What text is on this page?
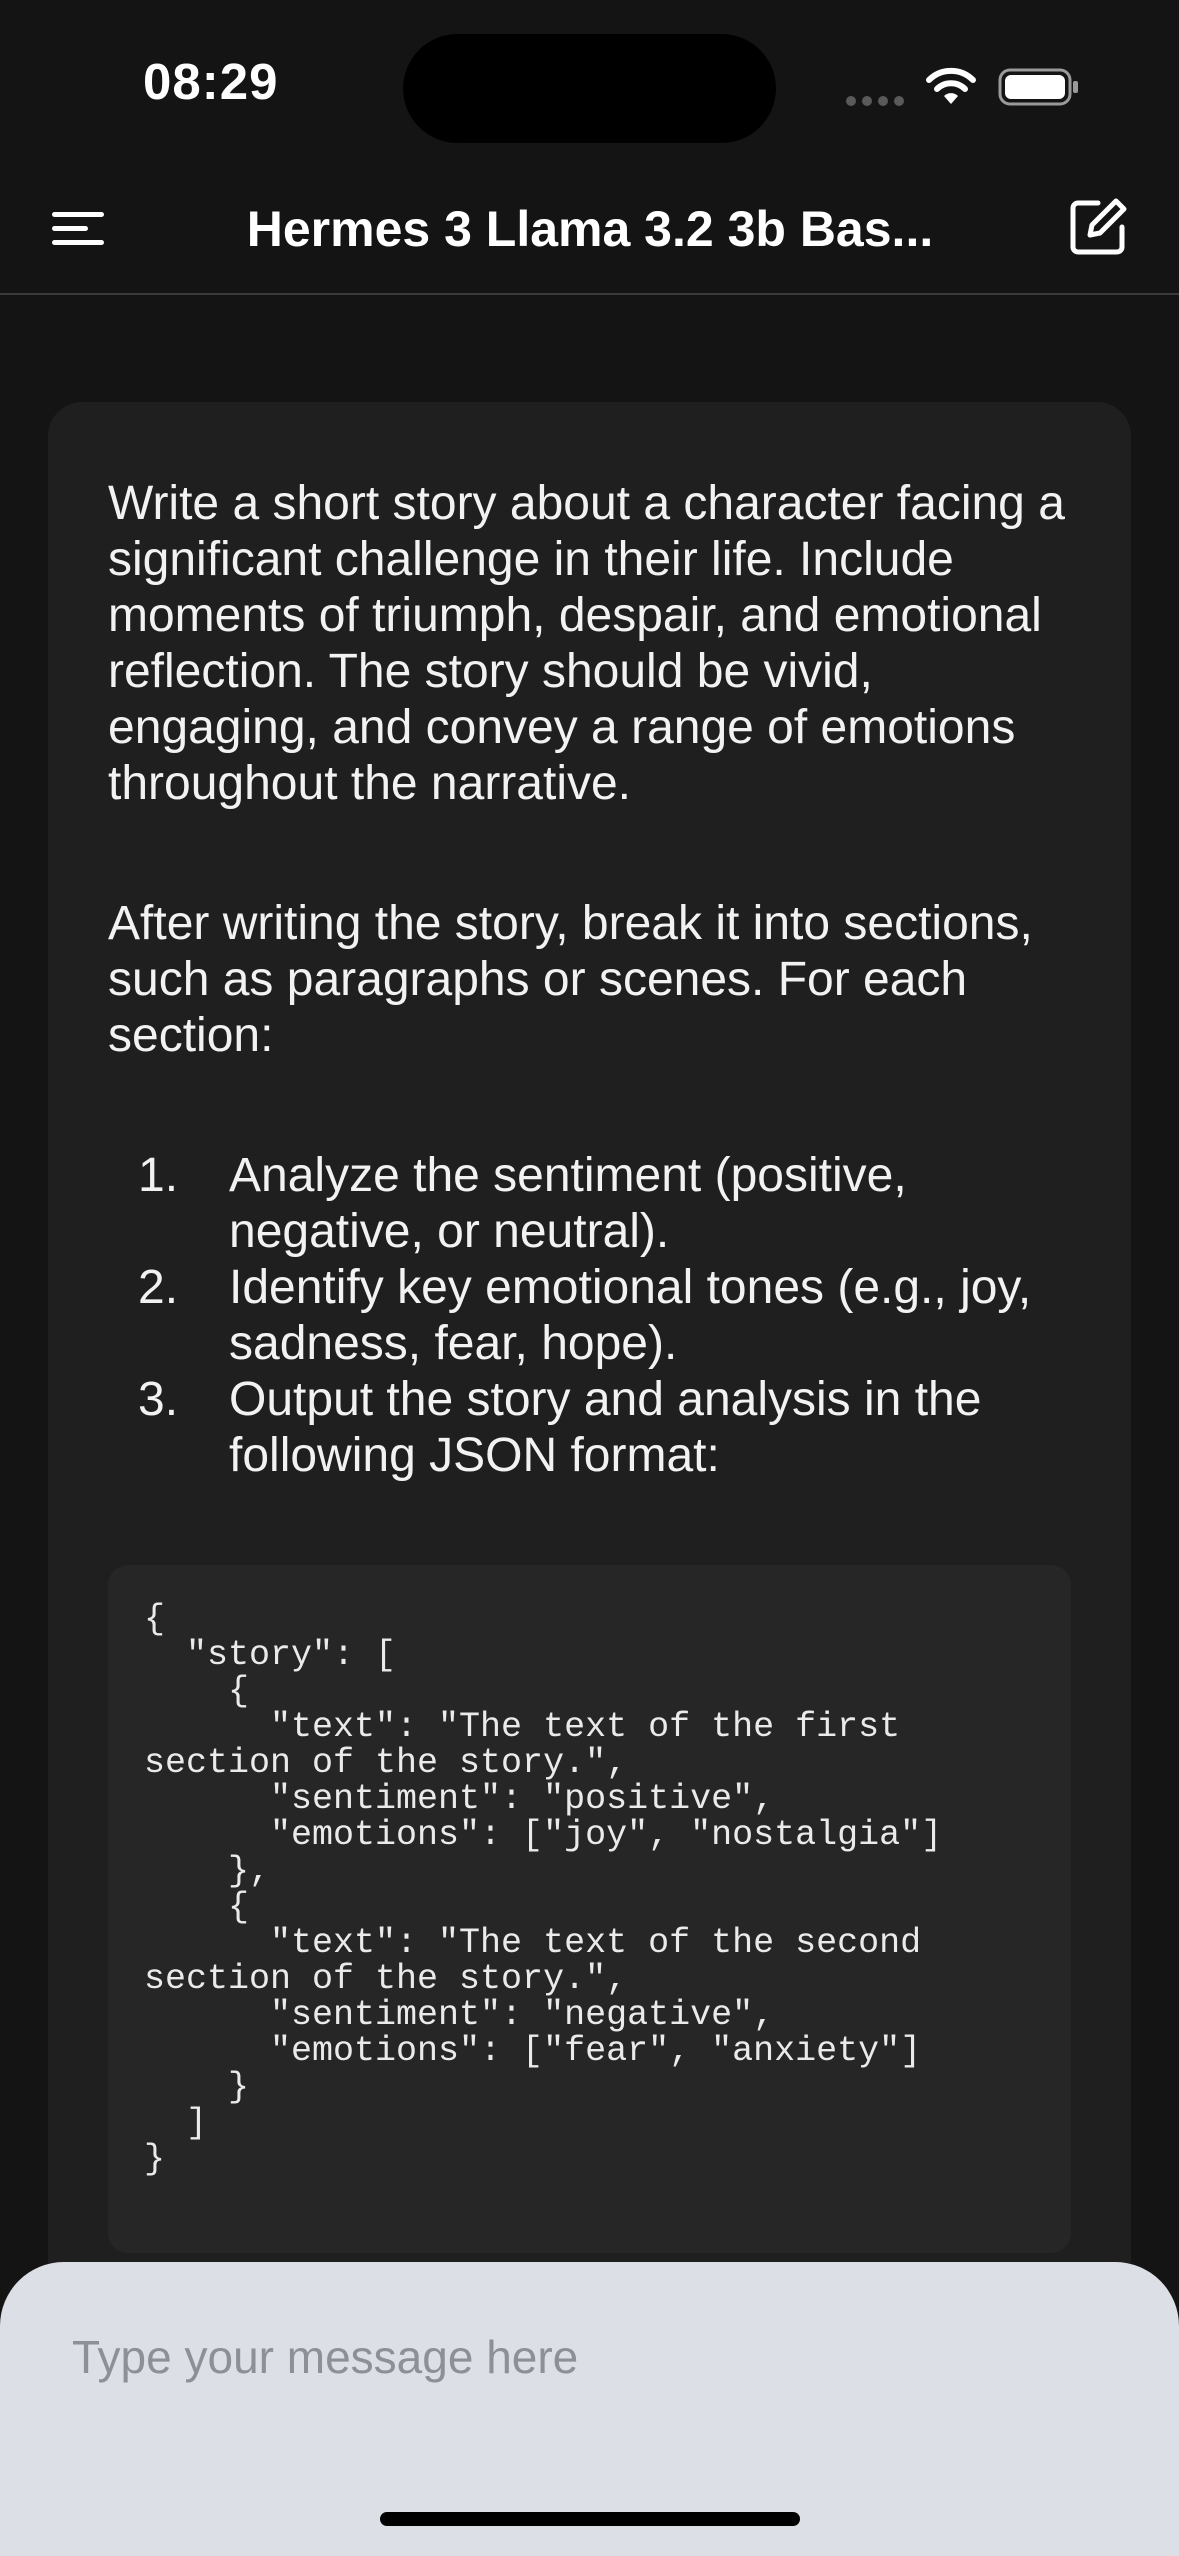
08:29
Hermes 3 Llama 3.2 3b Bas...
Write a short story about a character facing a significant challenge in their life. Include moments of triumph, despair, and emotional reflection. The story should be vivid, engaging, and convey a range of emotions throughout the narrative.
After writing the story, break it into sections, such as paragraphs or scenes. For each section:
1. Analyze the sentiment (positive, negative, or neutral).
2. Identify key emotional tones (e.g., joy, sadness, fear, hope).
3. Output the story and analysis in the following JSON format:
{
"story": [
{
"text": "The text of the first
section of the story.",
"sentiment": "positive",
"emotions": ["joy", "nostalgia"]
},
{
"text": "The text of the second
section of the story.",
"sentiment": "negative",
"emotions": ["fear", "anxiety"]
}
]
}
Type your message here
